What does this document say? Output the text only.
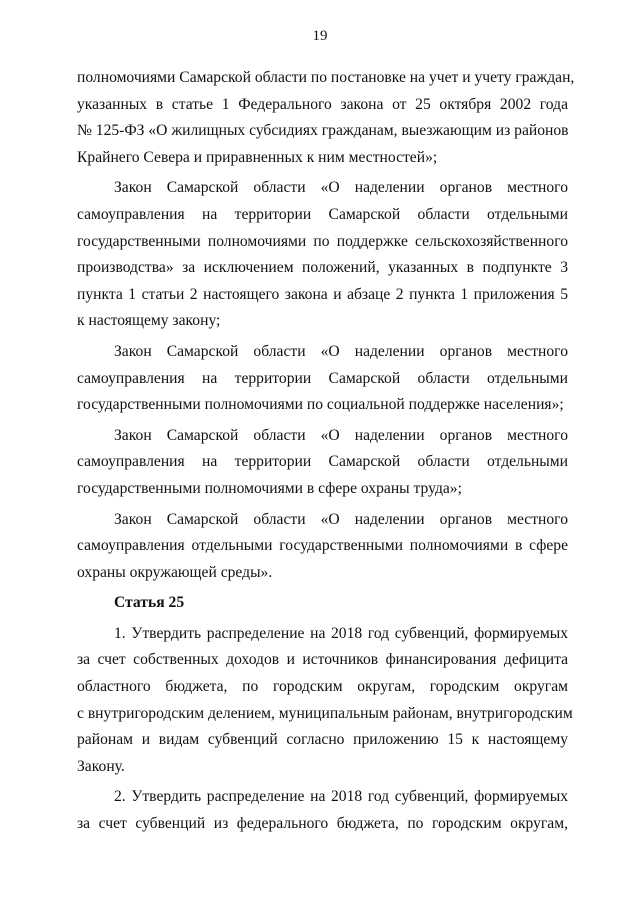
19
полномочиями Самарской области по постановке на учет и учету граждан,
указанных в статье 1 Федерального закона от 25 октября 2002 года
№ 125-ФЗ «О жилищных субсидиях гражданам, выезжающим из районов
Крайнего Севера и приравненных к ним местностей»;
Закон Самарской области «О наделении органов местного
самоуправления на территории Самарской области отдельными
государственными полномочиями по поддержке сельскохозяйственного
производства» за исключением положений, указанных в подпункте 3
пункта 1 статьи 2 настоящего закона и абзаце 2 пункта 1 приложения 5
к настоящему закону;
Закон Самарской области «О наделении органов местного
самоуправления на территории Самарской области отдельными
государственными полномочиями по социальной поддержке населения»;
Закон Самарской области «О наделении органов местного
самоуправления на территории Самарской области отдельными
государственными полномочиями в сфере охраны труда»;
Закон Самарской области «О наделении органов местного
самоуправления отдельными государственными полномочиями в сфере
охраны окружающей среды».
Статья 25
1. Утвердить распределение на 2018 год субвенций, формируемых
за счет собственных доходов и источников финансирования дефицита
областного бюджета, по городским округам, городским округам
с внутригородским делением, муниципальным районам, внутригородским
районам и видам субвенций согласно приложению 15 к настоящему
Закону.
2. Утвердить распределение на 2018 год субвенций, формируемых
за счет субвенций из федерального бюджета, по городским округам,
